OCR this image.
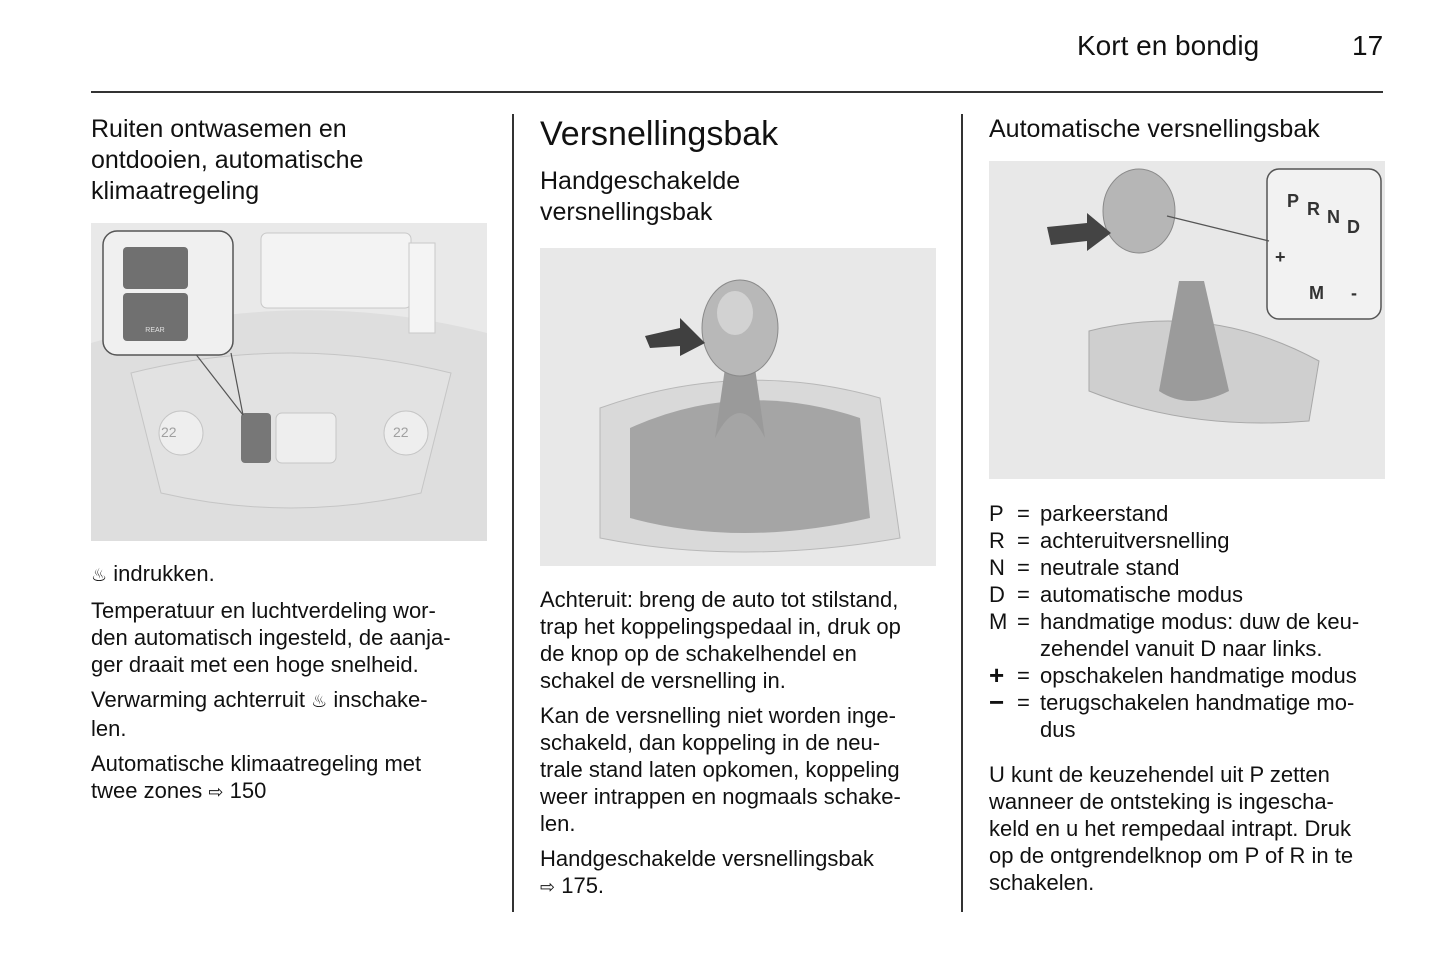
Kort en bondig	17
Ruiten ontwasemen en
ontdooien, automatische
klimaatregeling
22	22
REAR

♨ indrukken.

Temperatuur en luchtverdeling wor-
den automatisch ingesteld, de aanja-
ger draait met een hoge snelheid.

Verwarming achterruit ♨ inschake-
len.

Automatische klimaatregeling met
twee zones ⇨ 150

Versnellingsbak
Handgeschakelde
versnellingsbak

Achteruit: breng de auto tot stilstand,
trap het koppelingspedaal in, druk op
de knop op de schakelhendel en
schakel de versnelling in.

Kan de versnelling niet worden inge-
schakeld, dan koppeling in de neu-
trale stand laten opkomen, koppeling
weer intrappen en nogmaals schake-
len.

Handgeschakelde versnellingsbak
⇨ 175.

Automatische versnellingsbak
P R N D
M
+
-
P = parkeerstand
R = achteruitversnelling
N = neutrale stand
D = automatische modus
M = handmatige modus: duw de keu-
zehendel vanuit D naar links.
+ = opschakelen handmatige modus
− = terugschakelen handmatige mo-
dus

U kunt de keuzehendel uit P zetten
wanneer de ontsteking is ingescha-
keld en u het rempedaal intrapt. Druk
op de ontgrendelknop om P of R in te
schakelen.
